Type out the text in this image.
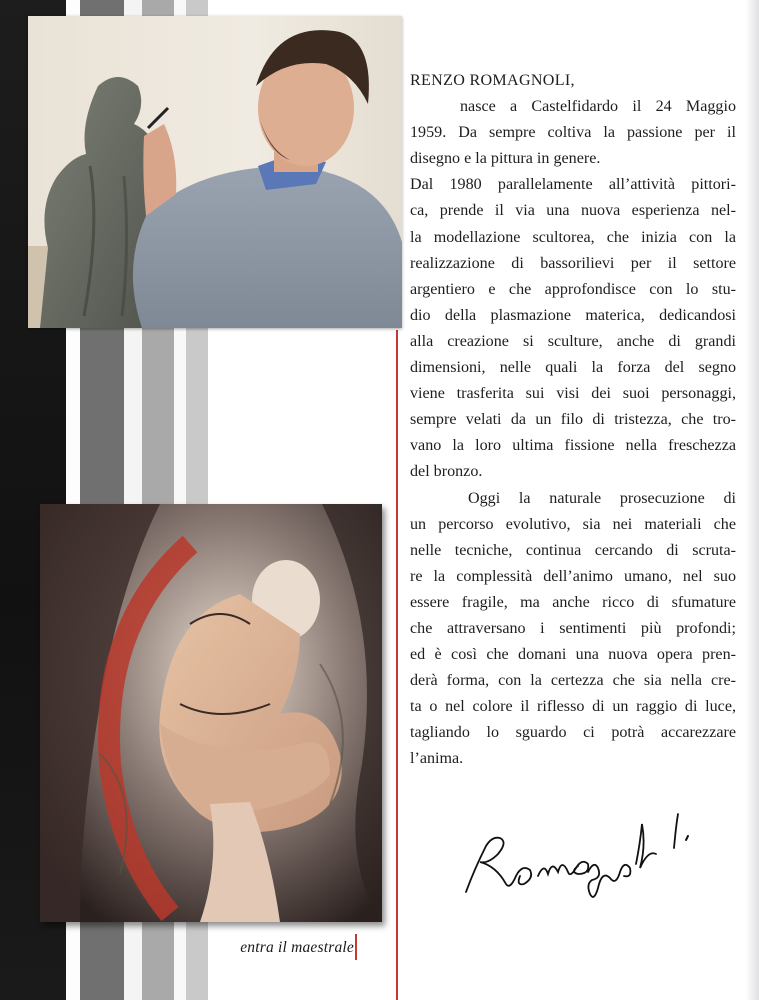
entra il maestrale
RENZO ROMAGNOLI,
nasce a Castelfidardo il 24 Maggio
1959. Da sempre coltiva la passione per il
disegno e la pittura in genere.
Dal 1980 parallelamente all’attività pittori-
ca, prende il via una nuova esperienza nel-
la modellazione scultorea, che inizia con la
realizzazione di bassorilievi per il settore
argentiero e che approfondisce con lo stu-
dio della plasmazione materica, dedicandosi
alla creazione si sculture, anche di grandi
dimensioni, nelle quali la forza del segno
viene trasferita sui visi dei suoi personaggi,
sempre velati da un filo di tristezza, che tro-
vano la loro ultima fissione nella freschezza
del bronzo.
Oggi la naturale prosecuzione di
un percorso evolutivo, sia nei materiali che
nelle tecniche, continua cercando di scruta-
re la complessità dell’animo umano, nel suo
essere fragile, ma anche ricco di sfumature
che attraversano i sentimenti più profondi;
ed è così che domani una nuova opera pren-
derà forma, con la certezza che sia nella cre-
ta o nel colore il riflesso di un raggio di luce,
tagliando lo sguardo ci potrà accarezzare
l’anima.
